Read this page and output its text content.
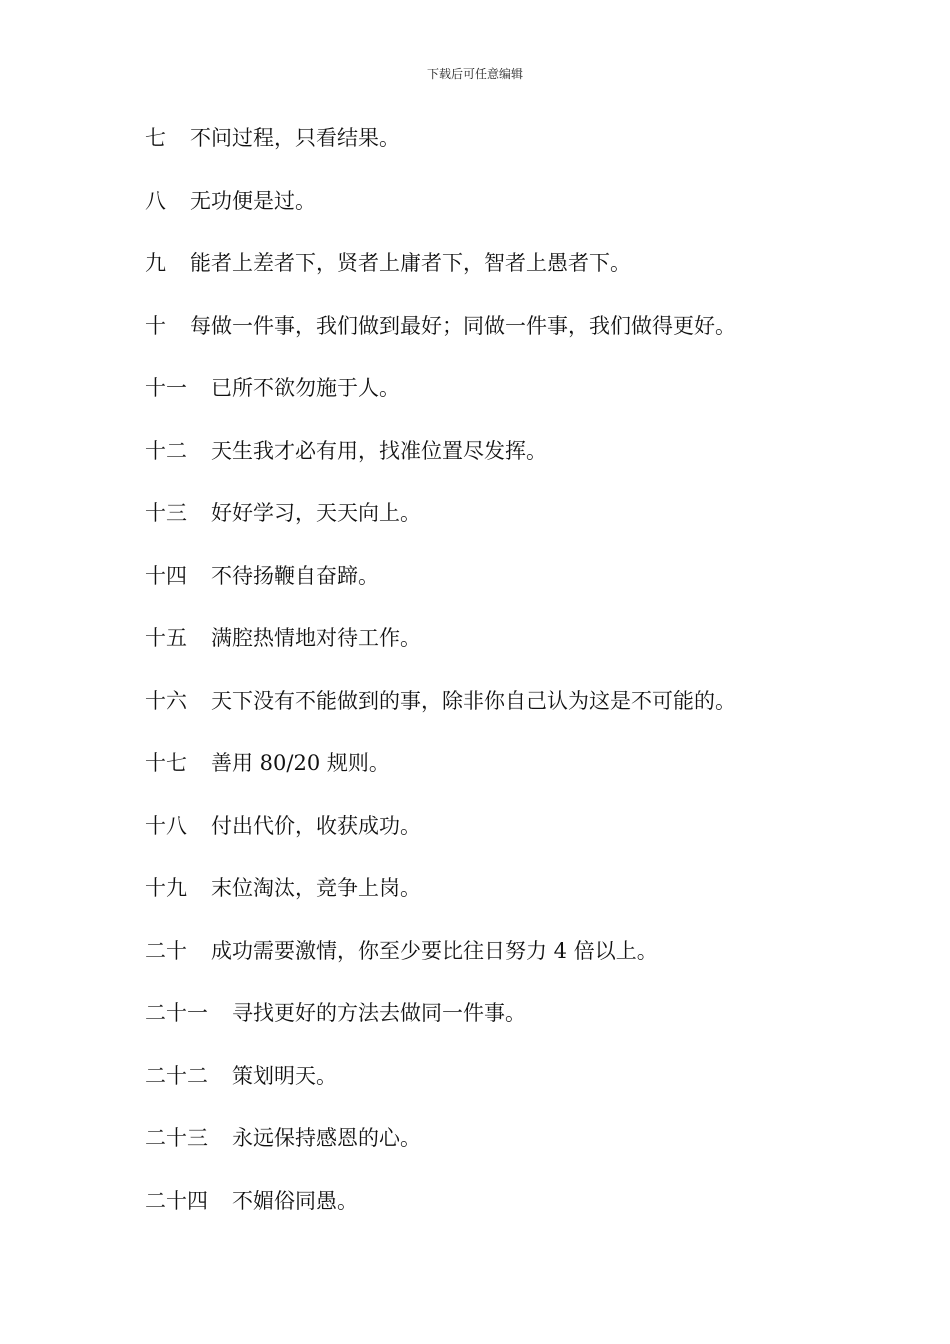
下载后可任意编辑
七 不问过程，只看结果。
八 无功便是过。
九 能者上差者下，贤者上庸者下，智者上愚者下。
十 每做一件事，我们做到最好；同做一件事，我们做得更好。
十一 已所不欲勿施于人。
十二 天生我才必有用，找准位置尽发挥。
十三 好好学习，天天向上。
十四 不待扬鞭自奋蹄。
十五 满腔热情地对待工作。
十六 天下没有不能做到的事，除非你自己认为这是不可能的。
十七 善用 80/20 规则。
十八 付出代价，收获成功。
十九 末位淘汰，竞争上岗。
二十 成功需要激情，你至少要比往日努力 4 倍以上。
二十一 寻找更好的方法去做同一件事。
二十二 策划明天。
二十三 永远保持感恩的心。
二十四 不媚俗同愚。
